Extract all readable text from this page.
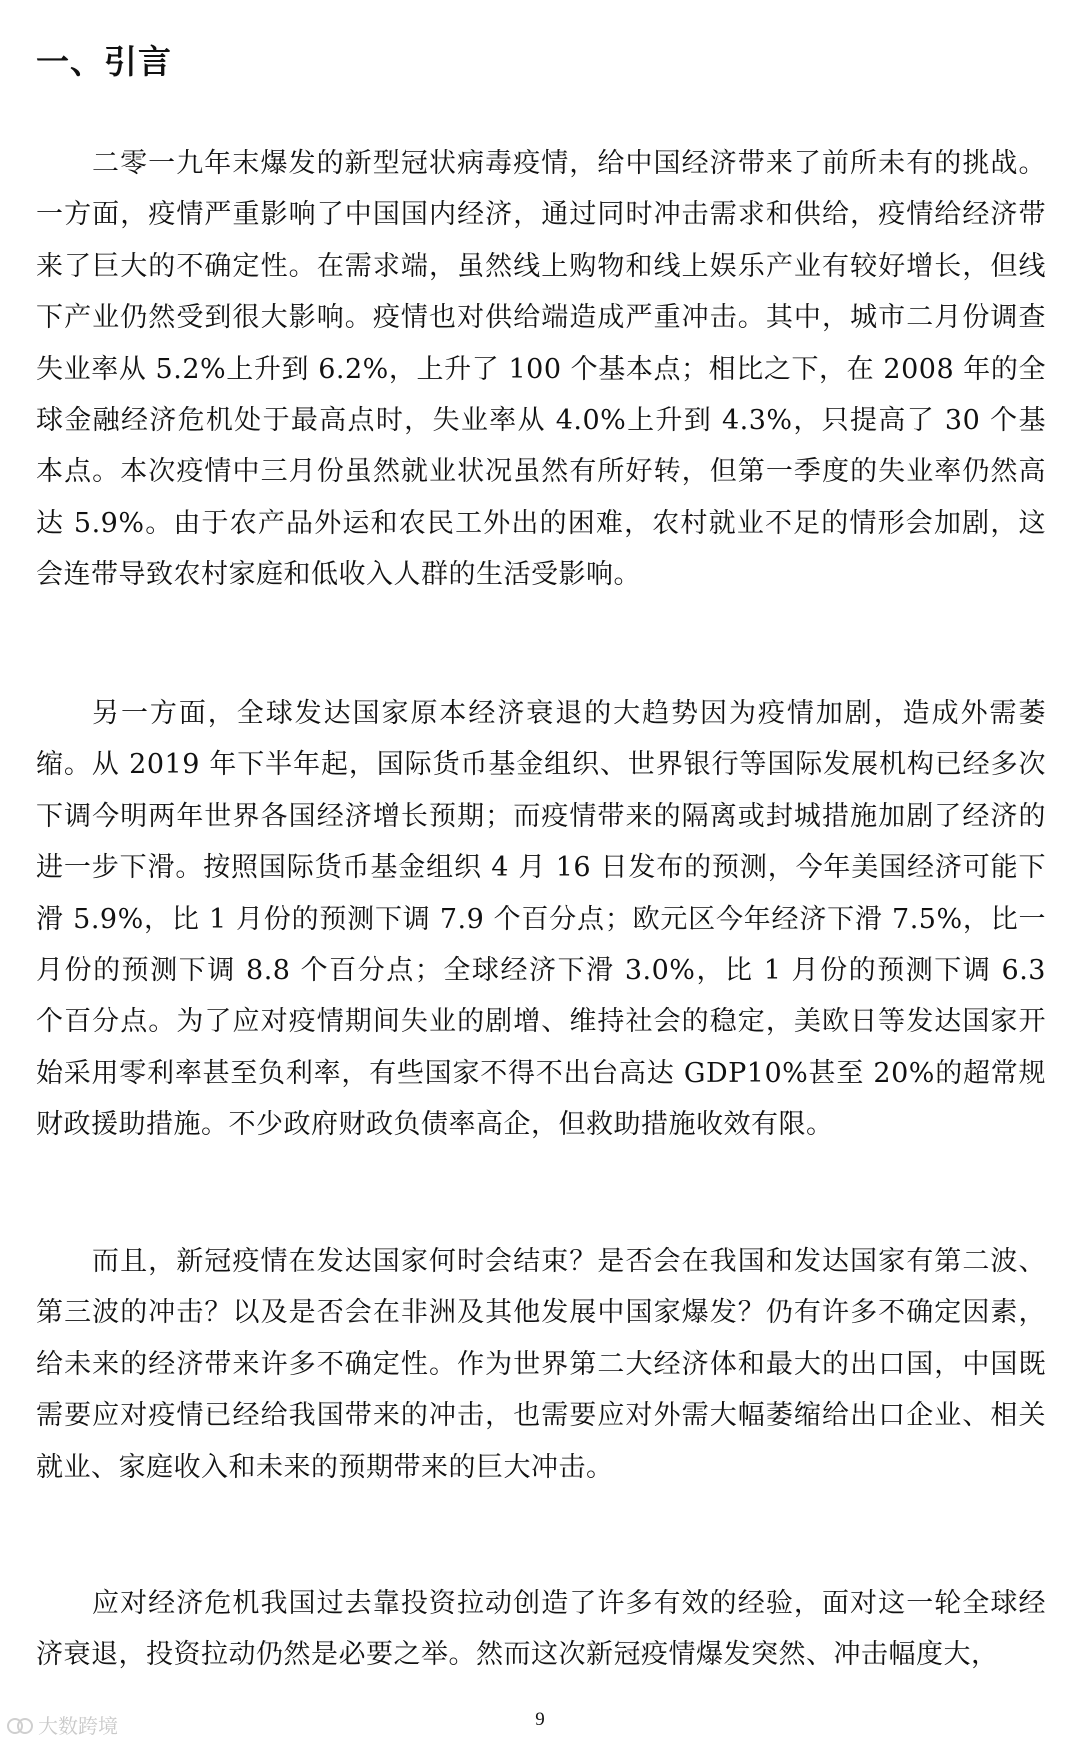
一、引言

二零一九年末爆发的新型冠状病毒疫情，给中国经济带来了前所未有的挑战。一方面，疫情严重影响了中国国内经济，通过同时冲击需求和供给，疫情给经济带来了巨大的不确定性。在需求端，虽然线上购物和线上娱乐产业有较好增长，但线下产业仍然受到很大影响。疫情也对供给端造成严重冲击。其中，城市二月份调查失业率从 5.2%上升到 6.2%，上升了 100 个基本点；相比之下，在 2008 年的全球金融经济危机处于最高点时，失业率从 4.0%上升到 4.3%，只提高了 30 个基本点。本次疫情中三月份虽然就业状况虽然有所好转，但第一季度的失业率仍然高达 5.9%。由于农产品外运和农民工外出的困难，农村就业不足的情形会加剧，这会连带导致农村家庭和低收入人群的生活受影响。

另一方面，全球发达国家原本经济衰退的大趋势因为疫情加剧，造成外需萎缩。从 2019 年下半年起，国际货币基金组织、世界银行等国际发展机构已经多次下调今明两年世界各国经济增长预期；而疫情带来的隔离或封城措施加剧了经济的进一步下滑。按照国际货币基金组织 4 月 16 日发布的预测，今年美国经济可能下滑 5.9%，比 1 月份的预测下调 7.9 个百分点；欧元区今年经济下滑 7.5%，比一月份的预测下调 8.8 个百分点；全球经济下滑 3.0%，比 1 月份的预测下调 6.3 个百分点。为了应对疫情期间失业的剧增、维持社会的稳定，美欧日等发达国家开始采用零利率甚至负利率，有些国家不得不出台高达 GDP10%甚至 20%的超常规财政援助措施。不少政府财政负债率高企，但救助措施收效有限。

而且，新冠疫情在发达国家何时会结束？是否会在我国和发达国家有第二波、第三波的冲击？以及是否会在非洲及其他发展中国家爆发？仍有许多不确定因素，给未来的经济带来许多不确定性。作为世界第二大经济体和最大的出口国，中国既需要应对疫情已经给我国带来的冲击，也需要应对外需大幅萎缩给出口企业、相关就业、家庭收入和未来的预期带来的巨大冲击。

应对经济危机我国过去靠投资拉动创造了许多有效的经验，面对这一轮全球经济衰退，投资拉动仍然是必要之举。然而这次新冠疫情爆发突然、冲击幅度大，

9
大数跨境
